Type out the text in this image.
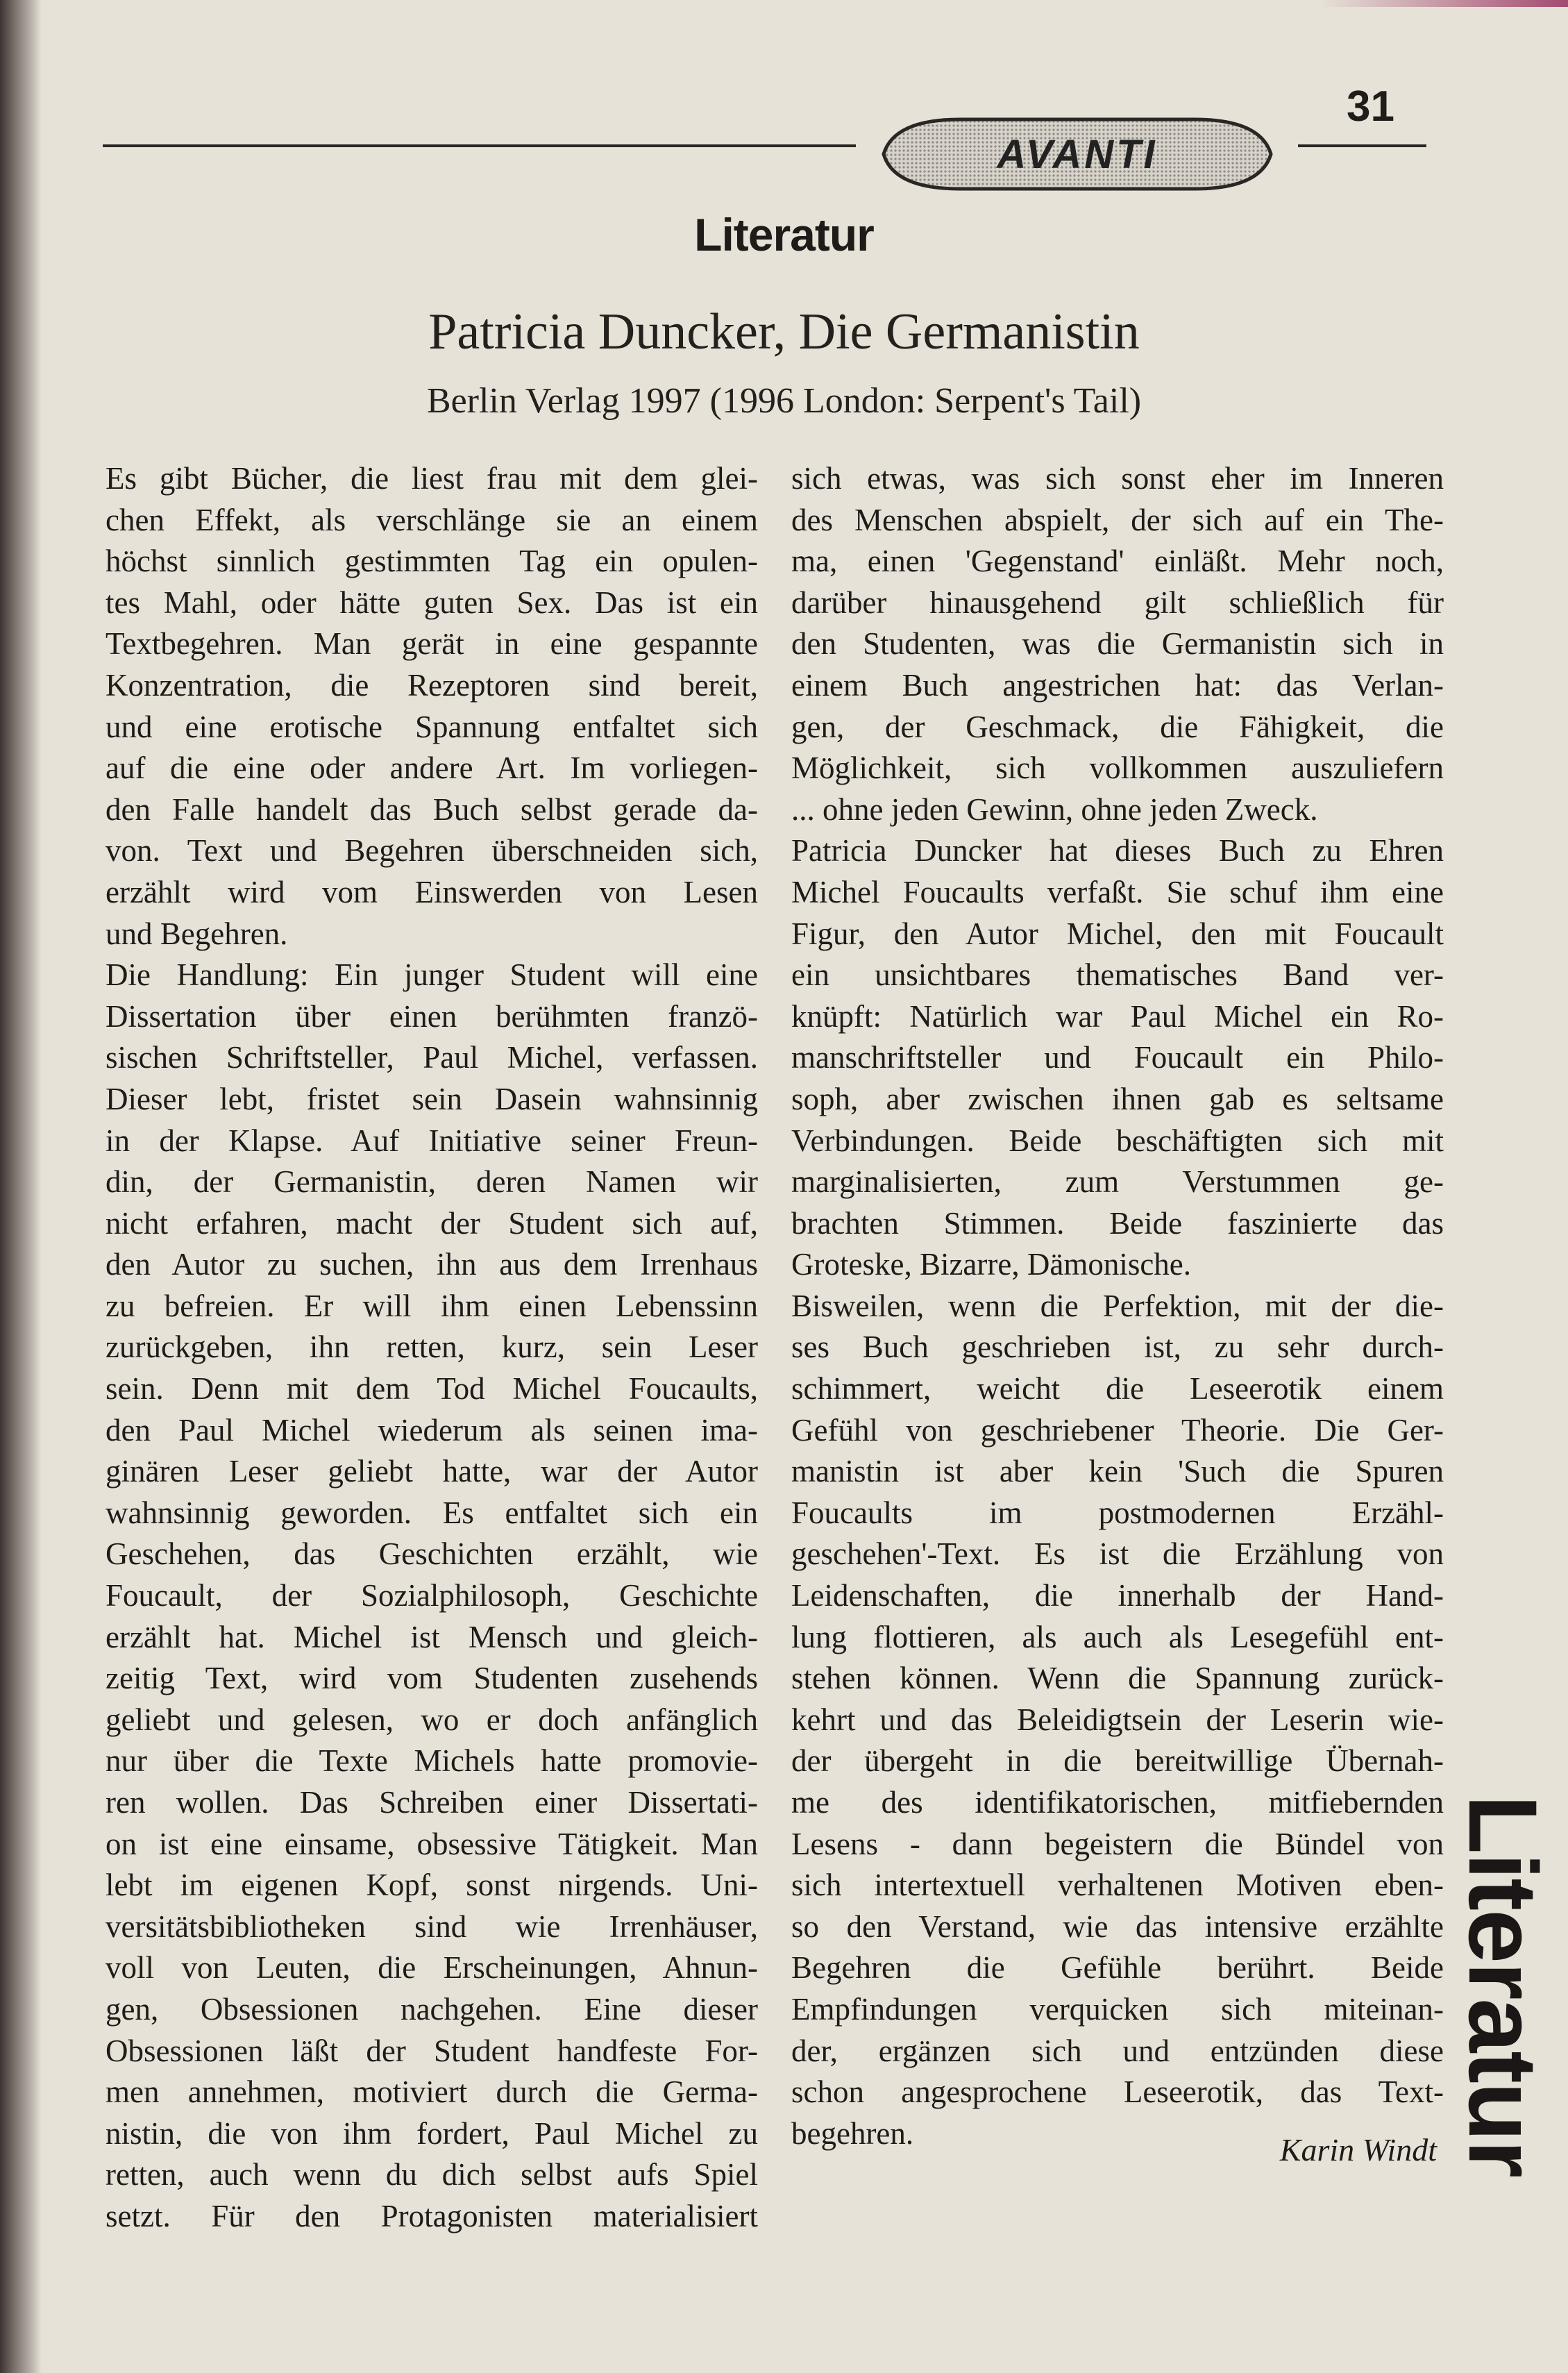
AVANTI
31
Literatur
Patricia Duncker, Die Germanistin
Berlin Verlag 1997 (1996 London: Serpent's Tail)
Es gibt Bücher, die liest frau mit dem glei-
chen Effekt, als verschlänge sie an einem
höchst sinnlich gestimmten Tag ein opulen-
tes Mahl, oder hätte guten Sex. Das ist ein
Textbegehren. Man gerät in eine gespannte
Konzentration, die Rezeptoren sind bereit,
und eine erotische Spannung entfaltet sich
auf die eine oder andere Art. Im vorliegen-
den Falle handelt das Buch selbst gerade da-
von. Text und Begehren überschneiden sich,
erzählt wird vom Einswerden von Lesen
und Begehren.
Die Handlung: Ein junger Student will eine
Dissertation über einen berühmten franzö-
sischen Schriftsteller, Paul Michel, verfassen.
Dieser lebt, fristet sein Dasein wahnsinnig
in der Klapse. Auf Initiative seiner Freun-
din, der Germanistin, deren Namen wir
nicht erfahren, macht der Student sich auf,
den Autor zu suchen, ihn aus dem Irrenhaus
zu befreien. Er will ihm einen Lebenssinn
zurückgeben, ihn retten, kurz, sein Leser
sein. Denn mit dem Tod Michel Foucaults,
den Paul Michel wiederum als seinen ima-
ginären Leser geliebt hatte, war der Autor
wahnsinnig geworden. Es entfaltet sich ein
Geschehen, das Geschichten erzählt, wie
Foucault, der Sozialphilosoph, Geschichte
erzählt hat. Michel ist Mensch und gleich-
zeitig Text, wird vom Studenten zusehends
geliebt und gelesen, wo er doch anfänglich
nur über die Texte Michels hatte promovie-
ren wollen. Das Schreiben einer Dissertati-
on ist eine einsame, obsessive Tätigkeit. Man
lebt im eigenen Kopf, sonst nirgends. Uni-
versitätsbibliotheken sind wie Irrenhäuser,
voll von Leuten, die Erscheinungen, Ahnun-
gen, Obsessionen nachgehen. Eine dieser
Obsessionen läßt der Student handfeste For-
men annehmen, motiviert durch die Germa-
nistin, die von ihm fordert, Paul Michel zu
retten, auch wenn du dich selbst aufs Spiel
setzt. Für den Protagonisten materialisiert
sich etwas, was sich sonst eher im Inneren
des Menschen abspielt, der sich auf ein The-
ma, einen 'Gegenstand' einläßt. Mehr noch,
darüber hinausgehend gilt schließlich für
den Studenten, was die Germanistin sich in
einem Buch angestrichen hat: das Verlan-
gen, der Geschmack, die Fähigkeit, die
Möglichkeit, sich vollkommen auszuliefern
... ohne jeden Gewinn, ohne jeden Zweck.
Patricia Duncker hat dieses Buch zu Ehren
Michel Foucaults verfaßt. Sie schuf ihm eine
Figur, den Autor Michel, den mit Foucault
ein unsichtbares thematisches Band ver-
knüpft: Natürlich war Paul Michel ein Ro-
manschriftsteller und Foucault ein Philo-
soph, aber zwischen ihnen gab es seltsame
Verbindungen. Beide beschäftigten sich mit
marginalisierten, zum Verstummen ge-
brachten Stimmen. Beide faszinierte das
Groteske, Bizarre, Dämonische.
Bisweilen, wenn die Perfektion, mit der die-
ses Buch geschrieben ist, zu sehr durch-
schimmert, weicht die Leseerotik einem
Gefühl von geschriebener Theorie. Die Ger-
manistin ist aber kein 'Such die Spuren
Foucaults im postmodernen Erzähl-
geschehen'-Text. Es ist die Erzählung von
Leidenschaften, die innerhalb der Hand-
lung flottieren, als auch als Lesegefühl ent-
stehen können. Wenn die Spannung zurück-
kehrt und das Beleidigtsein der Leserin wie-
der übergeht in die bereitwillige Übernah-
me des identifikatorischen, mitfiebernden
Lesens - dann begeistern die Bündel von
sich intertextuell verhaltenen Motiven eben-
so den Verstand, wie das intensive erzählte
Begehren die Gefühle berührt. Beide
Empfindungen verquicken sich miteinan-
der, ergänzen sich und entzünden diese
schon angesprochene Leseerotik, das Text-
begehren.	Karin Windt Literatur
